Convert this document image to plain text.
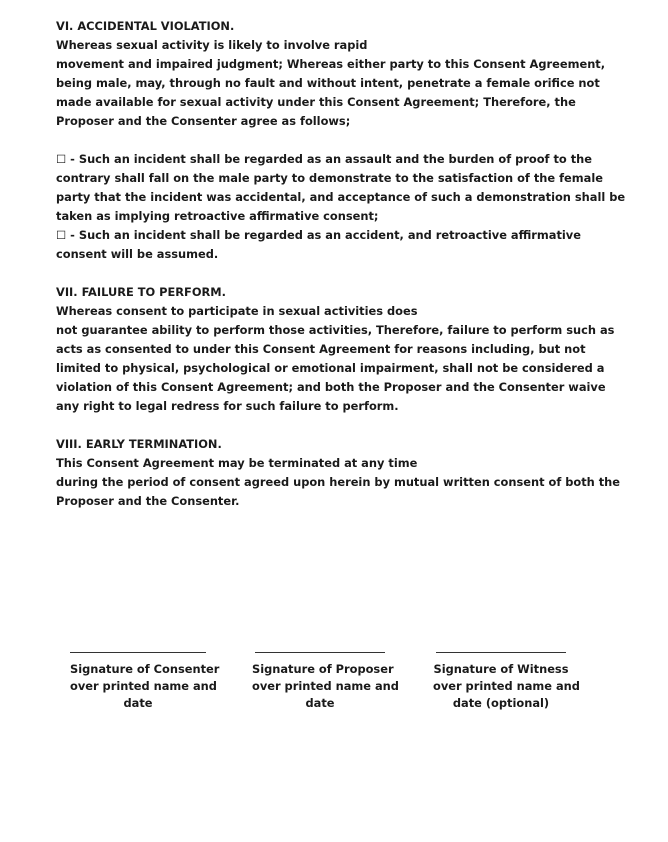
VI. ACCIDENTAL VIOLATION.
Whereas sexual activity is likely to involve rapid
movement and impaired judgment; Whereas either party to this Consent Agreement,
being male, may, through no fault and without intent, penetrate a female orifice not
made available for sexual activity under this Consent Agreement; Therefore, the
Proposer and the Consenter agree as follows;
☐ - Such an incident shall be regarded as an assault and the burden of proof to the
contrary shall fall on the male party to demonstrate to the satisfaction of the female
party that the incident was accidental, and acceptance of such a demonstration shall be
taken as implying retroactive affirmative consent;
☐ - Such an incident shall be regarded as an accident, and retroactive affirmative
consent will be assumed.
VII. FAILURE TO PERFORM.
Whereas consent to participate in sexual activities does
not guarantee ability to perform those activities, Therefore, failure to perform such as
acts as consented to under this Consent Agreement for reasons including, but not
limited to physical, psychological or emotional impairment, shall not be considered a
violation of this Consent Agreement; and both the Proposer and the Consenter waive
any right to legal redress for such failure to perform.
VIII. EARLY TERMINATION.
This Consent Agreement may be terminated at any time
during the period of consent agreed upon herein by mutual written consent of both the
Proposer and the Consenter.
Signature of Consenter
over printed name and
date
Signature of Proposer
over printed name and
date
Signature of Witness
over printed name and
date (optional)
